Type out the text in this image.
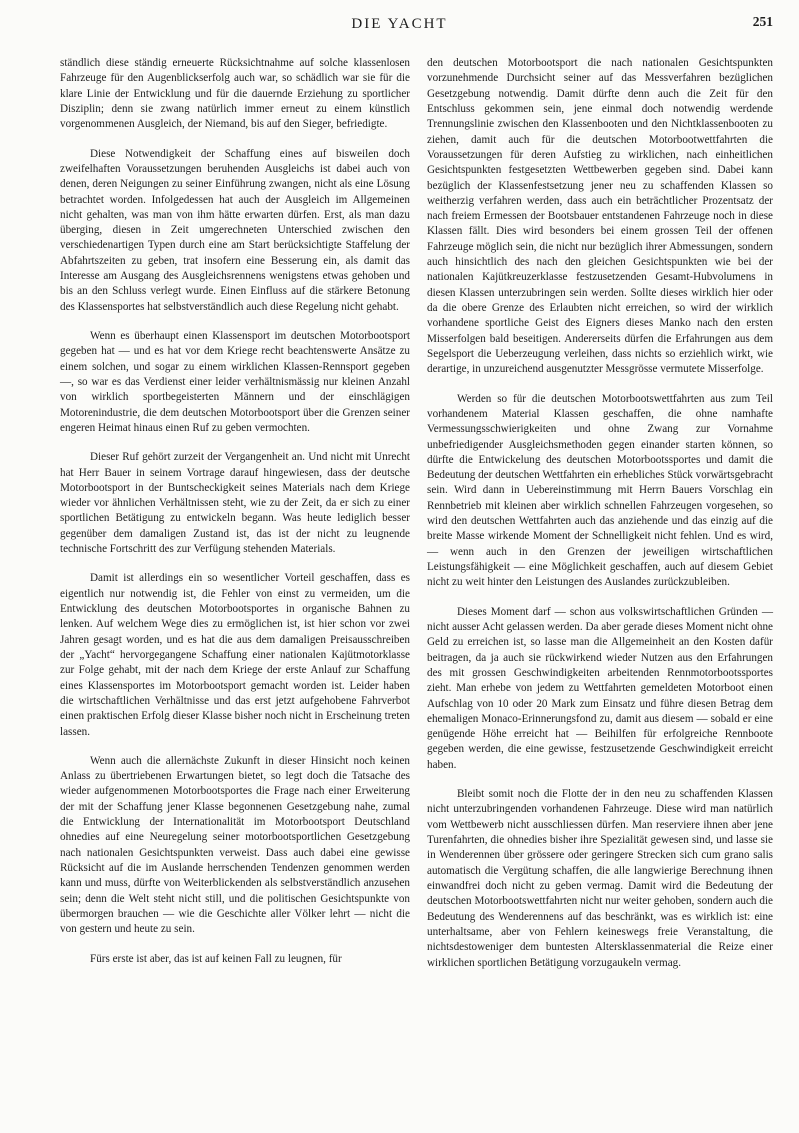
DIE YACHT	251

ständlich diese ständig erneuerte Rücksichtnahme auf solche klassenlosen Fahrzeuge für den Augenblickserfolg auch war, so schädlich war sie für die klare Linie der Entwicklung und für die dauernde Erziehung zu sportlicher Disziplin; denn sie zwang natürlich immer erneut zu einem künstlich vorgenommenen Ausgleich, der Niemand, bis auf den Sieger, befriedigte.

Diese Notwendigkeit der Schaffung eines auf bisweilen doch zweifelhaften Voraussetzungen beruhenden Ausgleichs ist dabei auch von denen, deren Neigungen zu seiner Einführung zwangen, nicht als eine Lösung betrachtet worden. Infolgedessen hat auch der Ausgleich im Allgemeinen nicht gehalten, was man von ihm hätte erwarten dürfen. Erst, als man dazu überging, diesen in Zeit umgerechneten Unterschied zwischen den verschiedenartigen Typen durch eine am Start berücksichtigte Staffelung der Abfahrtszeiten zu geben, trat insofern eine Besserung ein, als damit das Interesse am Ausgang des Ausgleichsrennens wenigstens etwas gehoben und bis an den Schluss verlegt wurde. Einen Einfluss auf die stärkere Betonung des Klassensportes hat selbstverständlich auch diese Regelung nicht gehabt.

Wenn es überhaupt einen Klassensport im deutschen Motorbootsport gegeben hat — und es hat vor dem Kriege recht beachtenswerte Ansätze zu einem solchen, und sogar zu einem wirklichen Klassen-Rennsport gegeben —, so war es das Verdienst einer leider verhältnismässig nur kleinen Anzahl von wirklich sportbegeisterten Männern und der einschlägigen Motorenindustrie, die dem deutschen Motorbootsport über die Grenzen seiner engeren Heimat hinaus einen Ruf zu geben vermochten.

Dieser Ruf gehört zurzeit der Vergangenheit an. Und nicht mit Unrecht hat Herr Bauer in seinem Vortrage darauf hingewiesen, dass der deutsche Motorbootsport in der Buntscheckigkeit seines Materials nach dem Kriege wieder vor ähnlichen Verhältnissen steht, wie zu der Zeit, da er sich zu einer sportlichen Betätigung zu entwickeln begann. Was heute lediglich besser gegenüber dem damaligen Zustand ist, das ist der nicht zu leugnende technische Fortschritt des zur Verfügung stehenden Materials.

Damit ist allerdings ein so wesentlicher Vorteil geschaffen, dass es eigentlich nur notwendig ist, die Fehler von einst zu vermeiden, um die Entwicklung des deutschen Motorbootsportes in organische Bahnen zu lenken. Auf welchem Wege dies zu ermöglichen ist, ist hier schon vor zwei Jahren gesagt worden, und es hat die aus dem damaligen Preisausschreiben der „Yacht“ hervorgegangene Schaffung einer nationalen Kajütmotorklasse zur Folge gehabt, mit der nach dem Kriege der erste Anlauf zur Schaffung eines Klassensportes im Motorbootsport gemacht worden ist. Leider haben die wirtschaftlichen Verhältnisse und das erst jetzt aufgehobene Fahrverbot einen praktischen Erfolg dieser Klasse bisher noch nicht in Erscheinung treten lassen.

Wenn auch die allernächste Zukunft in dieser Hinsicht noch keinen Anlass zu übertriebenen Erwartungen bietet, so legt doch die Tatsache des wieder aufgenommenen Motorbootsportes die Frage nach einer Erweiterung der mit der Schaffung jener Klasse begonnenen Gesetzgebung nahe, zumal die Entwicklung der Internationalität im Motorbootsport Deutschland ohnedies auf eine Neuregelung seiner motorbootsportlichen Gesetzgebung nach nationalen Gesichtspunkten verweist. Dass auch dabei eine gewisse Rücksicht auf die im Auslande herrschenden Tendenzen genommen werden kann und muss, dürfte von Weiterblickenden als selbstverständlich anzusehen sein; denn die Welt steht nicht still, und die politischen Gesichtspunkte von übermorgen brauchen — wie die Geschichte aller Völker lehrt — nicht die von gestern und heute zu sein.

Fürs erste ist aber, das ist auf keinen Fall zu leugnen, für

den deutschen Motorbootsport die nach nationalen Gesichtspunkten vorzunehmende Durchsicht seiner auf das Messverfahren bezüglichen Gesetzgebung notwendig. Damit dürfte denn auch die Zeit für den Entschluss gekommen sein, jene einmal doch notwendig werdende Trennungslinie zwischen den Klassenbooten und den Nichtklassenbooten zu ziehen, damit auch für die deutschen Motorbootwettfahrten die Voraussetzungen für deren Aufstieg zu wirklichen, nach einheitlichen Gesichtspunkten festgesetzten Wettbewerben gegeben sind. Dabei kann bezüglich der Klassenfestsetzung jener neu zu schaffenden Klassen so weitherzig verfahren werden, dass auch ein beträchtlicher Prozentsatz der nach freiem Ermessen der Bootsbauer entstandenen Fahrzeuge noch in diese Klassen fällt. Dies wird besonders bei einem grossen Teil der offenen Fahrzeuge möglich sein, die nicht nur bezüglich ihrer Abmessungen, sondern auch hinsichtlich des nach den gleichen Gesichtspunkten wie bei der nationalen Kajütkreuzerklasse festzusetzenden Gesamt-Hubvolumens in diesen Klassen unterzubringen sein werden. Sollte dieses wirklich hier oder da die obere Grenze des Erlaubten nicht erreichen, so wird der wirklich vorhandene sportliche Geist des Eigners dieses Manko nach den ersten Misserfolgen bald beseitigen. Andererseits dürfen die Erfahrungen aus dem Segelsport die Ueberzeugung verleihen, dass nichts so erziehlich wirkt, wie derartige, in unzureichend ausgenutzter Messgrösse vermutete Misserfolge.

Werden so für die deutschen Motorbootswettfahrten aus zum Teil vorhandenem Material Klassen geschaffen, die ohne namhafte Vermessungsschwierigkeiten und ohne Zwang zur Vornahme unbefriedigender Ausgleichsmethoden gegen einander starten können, so dürfte die Entwickelung des deutschen Motorbootssportes und damit die Bedeutung der deutschen Wettfahrten ein erhebliches Stück vorwärtsgebracht sein. Wird dann in Uebereinstimmung mit Herrn Bauers Vorschlag ein Rennbetrieb mit kleinen aber wirklich schnellen Fahrzeugen vorgesehen, so wird den deutschen Wettfahrten auch das anziehende und das einzig auf die breite Masse wirkende Moment der Schnelligkeit nicht fehlen. Und es wird, — wenn auch in den Grenzen der jeweiligen wirtschaftlichen Leistungsfähigkeit — eine Möglichkeit geschaffen, auch auf diesem Gebiet nicht zu weit hinter den Leistungen des Auslandes zurückzubleiben.

Dieses Moment darf — schon aus volkswirtschaftlichen Gründen — nicht ausser Acht gelassen werden. Da aber gerade dieses Moment nicht ohne Geld zu erreichen ist, so lasse man die Allgemeinheit an den Kosten dafür beitragen, da ja auch sie rückwirkend wieder Nutzen aus den Erfahrungen des mit grossen Geschwindigkeiten arbeitenden Rennmotorbootssportes zieht. Man erhebe von jedem zu Wettfahrten gemeldeten Motorboot einen Aufschlag von 10 oder 20 Mark zum Einsatz und führe diesen Betrag dem ehemaligen Monaco-Erinnerungsfond zu, damit aus diesem — sobald er eine genügende Höhe erreicht hat — Beihilfen für erfolgreiche Rennboote gegeben werden, die eine gewisse, festzusetzende Geschwindigkeit erreicht haben.

Bleibt somit noch die Flotte der in den neu zu schaffenden Klassen nicht unterzubringenden vorhandenen Fahrzeuge. Diese wird man natürlich vom Wettbewerb nicht ausschliessen dürfen. Man reserviere ihnen aber jene Turenfahrten, die ohnedies bisher ihre Spezialität gewesen sind, und lasse sie in Wenderennen über grössere oder geringere Strecken sich cum grano salis automatisch die Vergütung schaffen, die alle langwierige Berechnung ihnen einwandfrei doch nicht zu geben vermag. Damit wird die Bedeutung der deutschen Motorbootswettfahrten nicht nur weiter gehoben, sondern auch die Bedeutung des Wenderennens auf das beschränkt, was es wirklich ist: eine unterhaltsame, aber von Fehlern keineswegs freie Veranstaltung, die nichtsdestoweniger dem buntesten Altersklassenmaterial die Reize einer wirklichen sportlichen Betätigung vorzugaukeln vermag.
